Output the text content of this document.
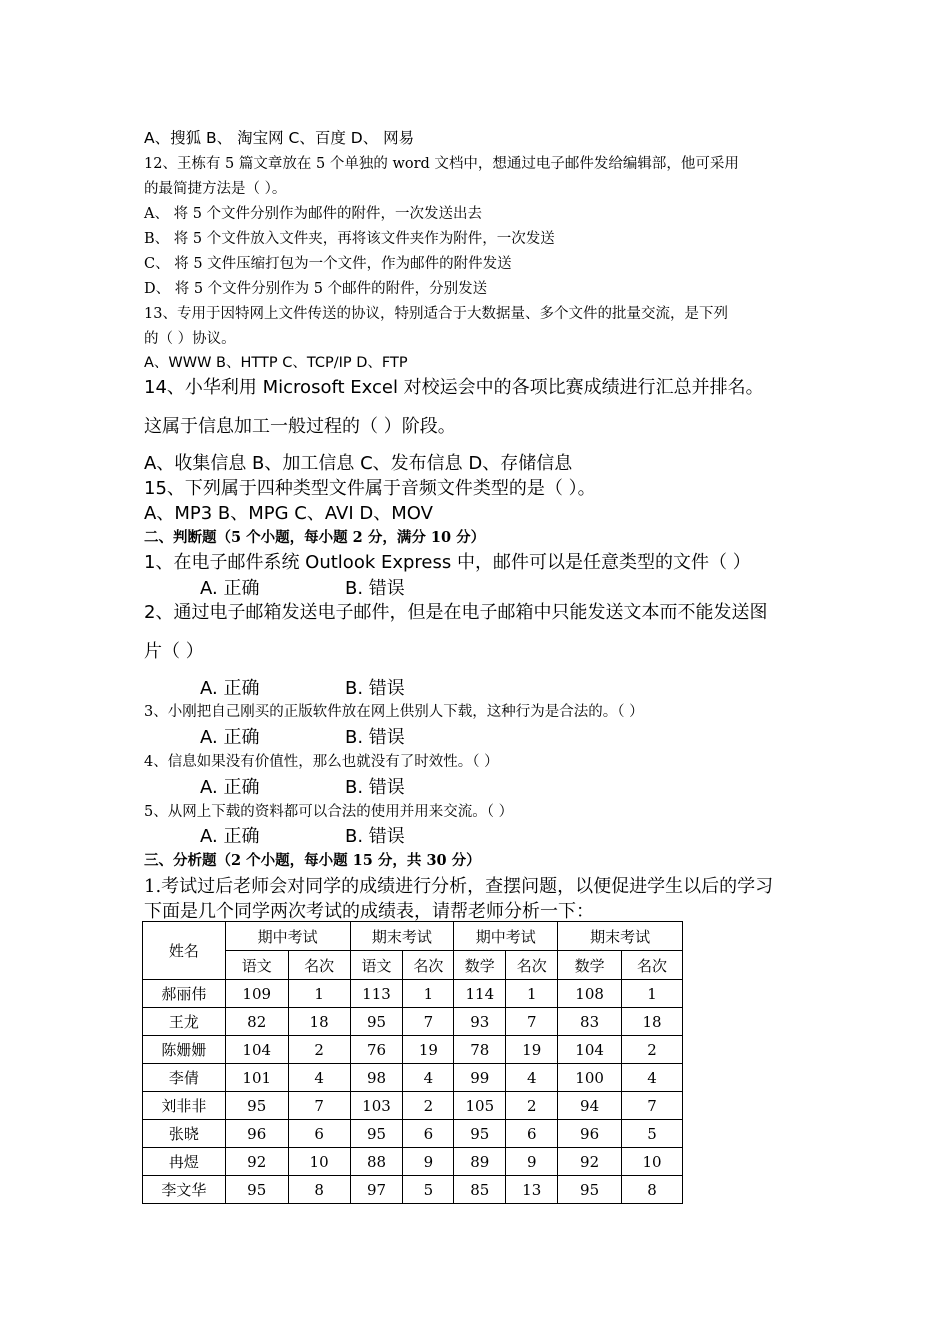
A、搜狐 B、 淘宝网 C、百度 D、 网易
12、王栋有 5 篇文章放在 5 个单独的 word 文档中，想通过电子邮件发给编辑部，他可采用
的最简捷方法是（ ）。
A、 将 5 个文件分别作为邮件的附件，一次发送出去
B、 将 5 个文件放入文件夹，再将该文件夹作为附件，一次发送
C、 将 5 文件压缩打包为一个文件，作为邮件的附件发送
D、 将 5 个文件分别作为 5 个邮件的附件，分别发送
13、专用于因特网上文件传送的协议，特别适合于大数据量、多个文件的批量交流，是下列
的（ ）协议。
A、WWW B、HTTP C、TCP/IP D、FTP
14、小华利用 Microsoft Excel 对校运会中的各项比赛成绩进行汇总并排名。
这属于信息加工一般过程的（ ）阶段。
A、收集信息 B、加工信息 C、发布信息 D、存储信息
15、下列属于四种类型文件属于音频文件类型的是（ ）。
A、MP3 B、MPG C、AVI D、MOV
二、判断题（5 个小题，每小题 2 分，满分 10 分）
1、在电子邮件系统 Outlook Express 中，邮件可以是任意类型的文件（ ）
A. 正确	B. 错误
2、通过电子邮箱发送电子邮件，但是在电子邮箱中只能发送文本而不能发送图
片（ ）
A. 正确	B. 错误
3、小刚把自己刚买的正版软件放在网上供别人下载，这种行为是合法的。（ ）
A. 正确	B. 错误
4、信息如果没有价值性，那么也就没有了时效性。（ ）
A. 正确	B. 错误
5、从网上下载的资料都可以合法的使用并用来交流。（ ）
A. 正确	B. 错误
三、分析题（2 个小题，每小题 15 分，共 30 分）
1.考试过后老师会对同学的成绩进行分析，查摆问题，以便促进学生以后的学习
下面是几个同学两次考试的成绩表，请帮老师分析一下：
姓名	期中考试		期末考试		期中考试		期末考试	
	语文	名次	语文	名次	数学	名次	数学	名次
郝丽伟	109	1	113	1	114	1	108	1
王龙	82	18	95	7	93	7	83	18
陈姗姗	104	2	76	19	78	19	104	2
李倩	101	4	98	4	99	4	100	4
刘非非	95	7	103	2	105	2	94	7
张晓	96	6	95	6	95	6	96	5
冉煜	92	10	88	9	89	9	92	10
李文华	95	8	97	5	85	13	95	8
